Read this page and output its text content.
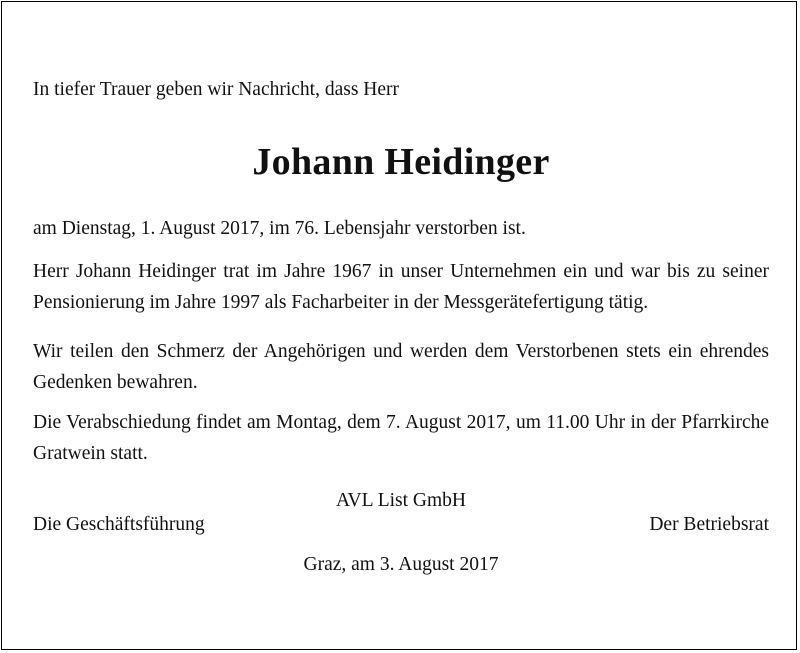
In tiefer Trauer geben wir Nachricht, dass Herr
Johann Heidinger
am Dienstag, 1. August 2017, im 76. Lebensjahr verstorben ist.
Herr Johann Heidinger trat im Jahre 1967 in unser Unternehmen ein und war bis zu seiner Pensionierung im Jahre 1997 als Facharbeiter in der Messgerätefertigung tätig.
Wir teilen den Schmerz der Angehörigen und werden dem Verstorbenen stets ein ehrendes Gedenken bewahren.
Die Verabschiedung findet am Montag, dem 7. August 2017, um 11.00 Uhr in der Pfarrkirche Gratwein statt.
AVL List GmbH
Die Geschäftsführung	Der Betriebsrat
Graz, am 3. August 2017
